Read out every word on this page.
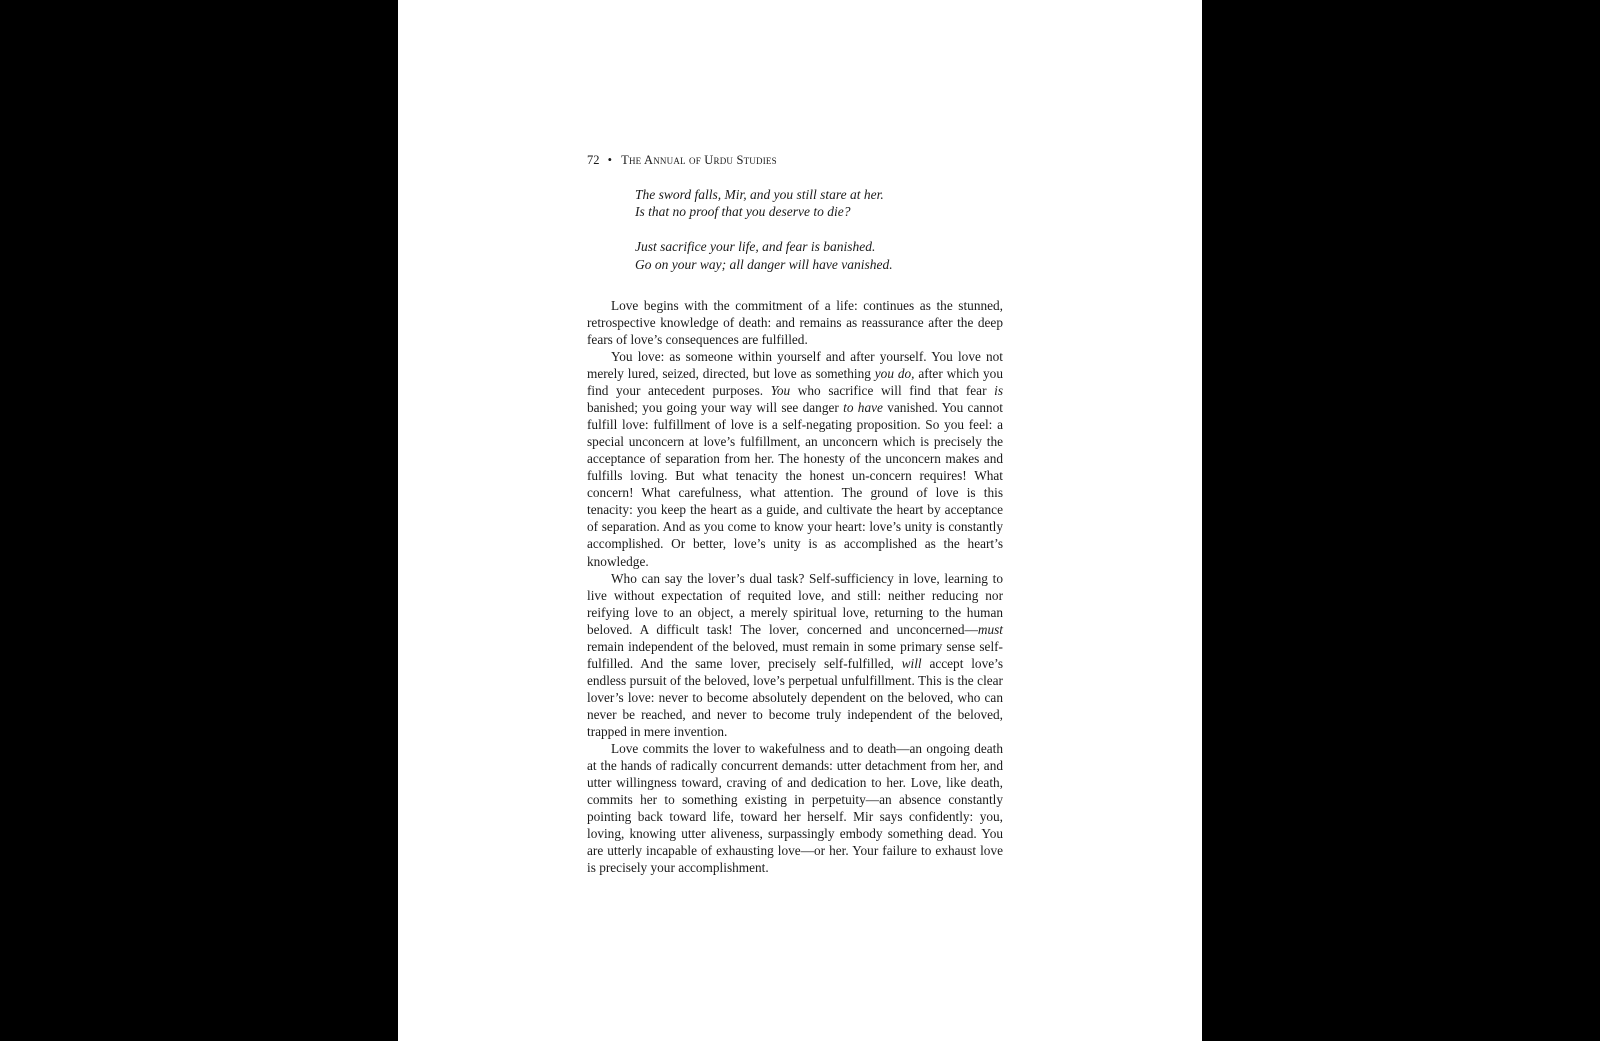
72 • The Annual of Urdu Studies
The sword falls, Mir, and you still stare at her.
Is that no proof that you deserve to die?
Just sacrifice your life, and fear is banished.
Go on your way; all danger will have vanished.

Love begins with the commitment of a life: continues as the stunned, retrospective knowledge of death: and remains as reassurance after the deep fears of love’s consequences are fulfilled.

You love: as someone within yourself and after yourself. You love not merely lured, seized, directed, but love as something you do, after which you find your antecedent purposes. You who sacrifice will find that fear is banished; you going your way will see danger to have vanished. You cannot fulfill love: fulfillment of love is a self-negating proposition. So you feel: a special unconcern at love’s fulfillment, an unconcern which is precisely the acceptance of separation from her. The honesty of the unconcern makes and fulfills loving. But what tenacity the honest un-concern requires! What concern! What carefulness, what attention. The ground of love is this tenacity: you keep the heart as a guide, and cultivate the heart by acceptance of separation. And as you come to know your heart: love’s unity is constantly accomplished. Or better, love’s unity is as accomplished as the heart’s knowledge.

Who can say the lover’s dual task? Self-sufficiency in love, learning to live without expectation of requited love, and still: neither reducing nor reifying love to an object, a merely spiritual love, returning to the human beloved. A difficult task! The lover, concerned and unconcerned—must remain independent of the beloved, must remain in some primary sense self-fulfilled. And the same lover, precisely self-fulfilled, will accept love’s endless pursuit of the beloved, love’s perpetual unfulfillment. This is the clear lover’s love: never to become absolutely dependent on the beloved, who can never be reached, and never to become truly independent of the beloved, trapped in mere invention.

Love commits the lover to wakefulness and to death—an ongoing death at the hands of radically concurrent demands: utter detachment from her, and utter willingness toward, craving of and dedication to her. Love, like death, commits her to something existing in perpetuity—an absence constantly pointing back toward life, toward her herself. Mir says confidently: you, loving, knowing utter aliveness, surpassingly embody something dead. You are utterly incapable of exhausting love—or her. Your failure to exhaust love is precisely your accomplishment.
